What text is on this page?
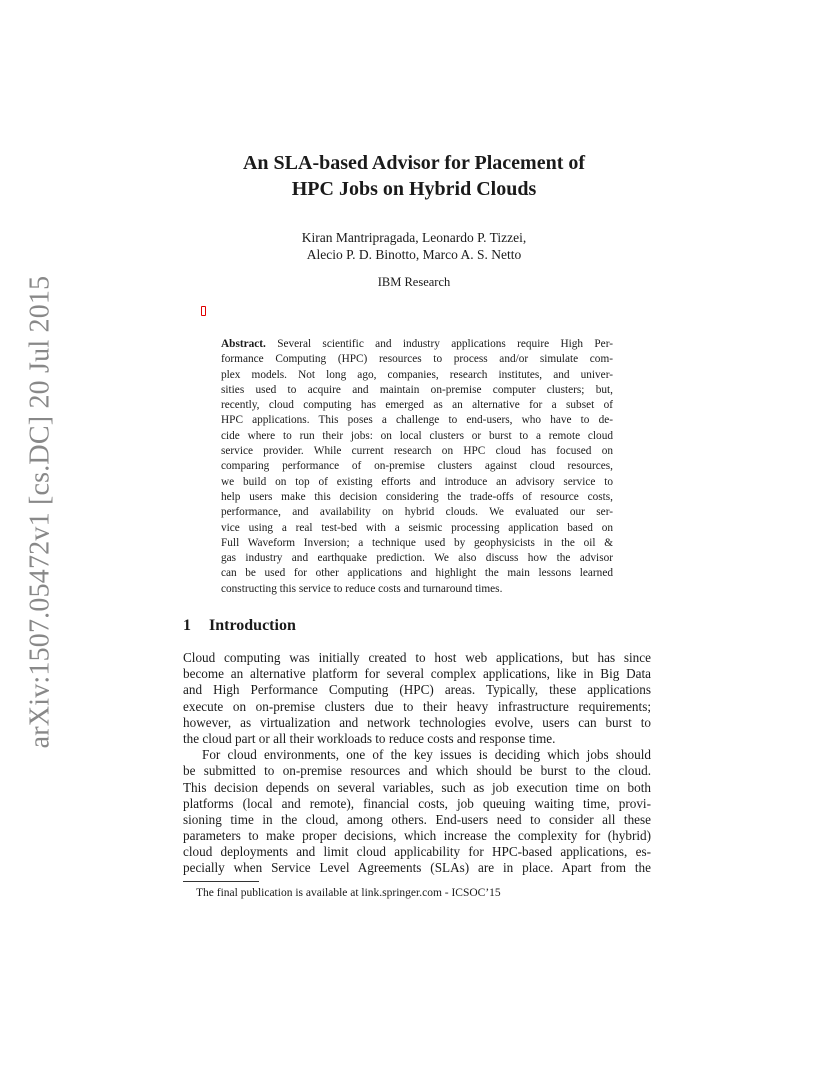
arXiv:1507.05472v1 [cs.DC] 20 Jul 2015
An SLA-based Advisor for Placement of
HPC Jobs on Hybrid Clouds
Kiran Mantripragada, Leonardo P. Tizzei,
Alecio P. D. Binotto, Marco A. S. Netto
IBM Research
Abstract. Several scientific and industry applications require High Per-
formance Computing (HPC) resources to process and/or simulate com-
plex models. Not long ago, companies, research institutes, and univer-
sities used to acquire and maintain on-premise computer clusters; but,
recently, cloud computing has emerged as an alternative for a subset of
HPC applications. This poses a challenge to end-users, who have to de-
cide where to run their jobs: on local clusters or burst to a remote cloud
service provider. While current research on HPC cloud has focused on
comparing performance of on-premise clusters against cloud resources,
we build on top of existing efforts and introduce an advisory service to
help users make this decision considering the trade-offs of resource costs,
performance, and availability on hybrid clouds. We evaluated our ser-
vice using a real test-bed with a seismic processing application based on
Full Waveform Inversion; a technique used by geophysicists in the oil &
gas industry and earthquake prediction. We also discuss how the advisor
can be used for other applications and highlight the main lessons learned
constructing this service to reduce costs and turnaround times.
1 Introduction
Cloud computing was initially created to host web applications, but has since
become an alternative platform for several complex applications, like in Big Data
and High Performance Computing (HPC) areas. Typically, these applications
execute on on-premise clusters due to their heavy infrastructure requirements;
however, as virtualization and network technologies evolve, users can burst to
the cloud part or all their workloads to reduce costs and response time.
For cloud environments, one of the key issues is deciding which jobs should
be submitted to on-premise resources and which should be burst to the cloud.
This decision depends on several variables, such as job execution time on both
platforms (local and remote), financial costs, job queuing waiting time, provi-
sioning time in the cloud, among others. End-users need to consider all these
parameters to make proper decisions, which increase the complexity for (hybrid)
cloud deployments and limit cloud applicability for HPC-based applications, es-
pecially when Service Level Agreements (SLAs) are in place. Apart from the
The final publication is available at link.springer.com - ICSOC’15
